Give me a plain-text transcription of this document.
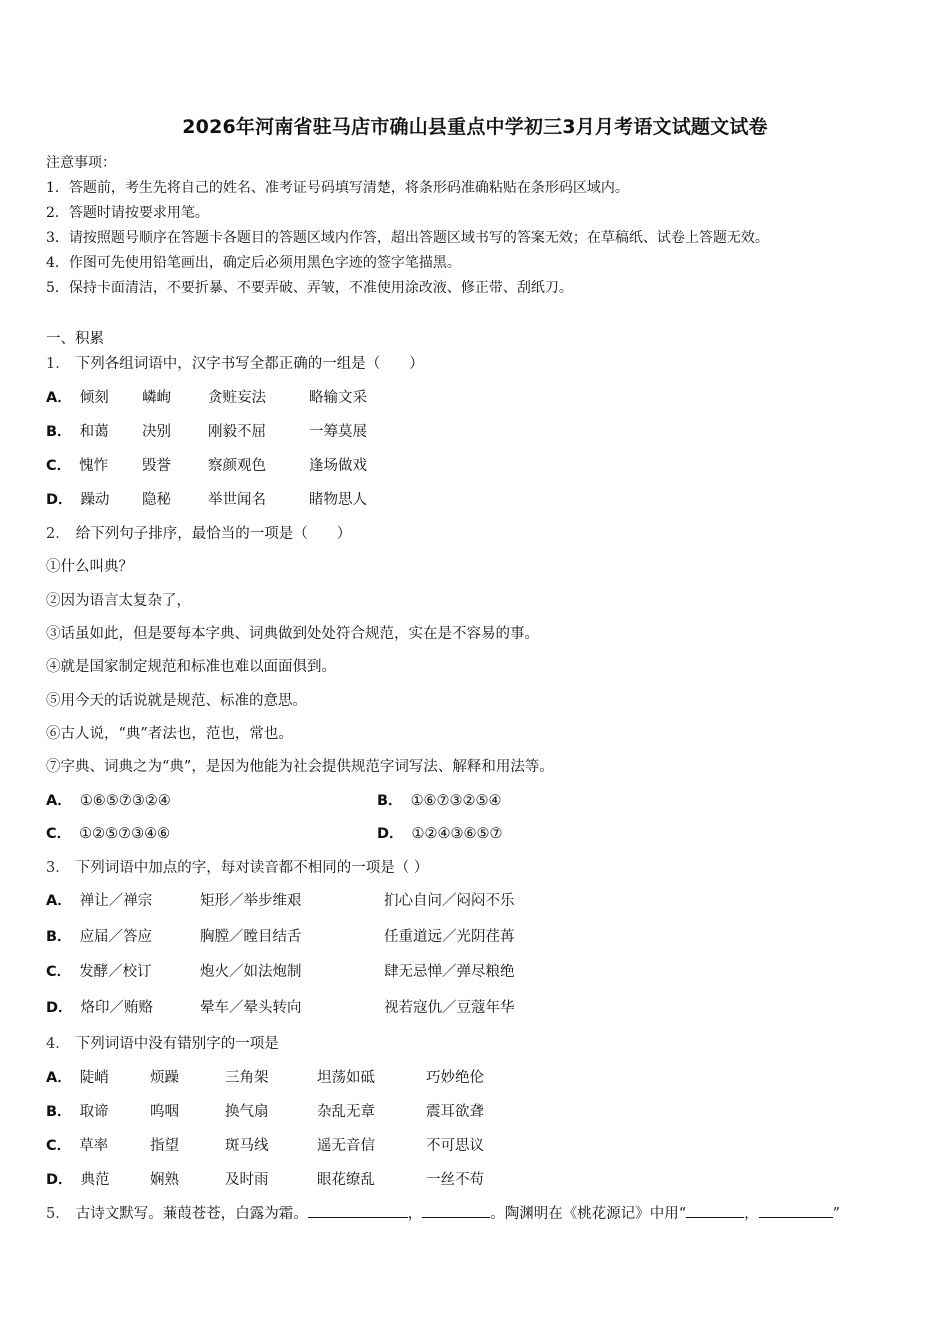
2026年河南省驻马店市确山县重点中学初三3月月考语文试题文试卷
注意事项：
1．答题前，考生先将自己的姓名、准考证号码填写清楚，将条形码准确粘贴在条形码区域内。
2．答题时请按要求用笔。
3．请按照题号顺序在答题卡各题目的答题区域内作答，超出答题区域书写的答案无效；在草稿纸、试卷上答题无效。
4．作图可先使用铅笔画出，确定后必须用黑色字迹的签字笔描黑。
5．保持卡面清洁，不要折暴、不要弄破、弄皱，不准使用涂改液、修正带、刮纸刀。
一、积累
1． 下列各组词语中，汉字书写全都正确的一组是（　　）
A． 倾刻 嶙峋	贪赃妄法	略输文采
B． 和蔼 决别	刚毅不屈	一筹莫展
C． 愧怍 毁誉	察颜观色	逢场做戏
D． 躁动 隐秘	举世闻名	睹物思人
2． 给下列句子排序，最恰当的一项是（　　）
①什么叫典？
②因为语言太复杂了，
③话虽如此，但是要每本字典、词典做到处处符合规范，实在是不容易的事。
④就是国家制定规范和标准也难以面面俱到。
⑤用今天的话说就是规范、标准的意思。
⑥古人说，“典”者法也，范也，常也。
⑦字典、词典之为“典”，是因为他能为社会提供规范字词写法、解释和用法等。
A． ①⑥⑤⑦③②④	B． ①⑥⑦③②⑤④
C． ①②⑤⑦③④⑥	D． ①②④③⑥⑤⑦
3． 下列词语中加点的字，每对读音都不相同的一项是（ ）
A． 禅让／禅宗	矩形／举步维艰	扪心自问／闷闷不乐
B． 应届／答应	胸膛／瞠目结舌	任重道远／光阴荏苒
C． 发酵／校订	炮火／如法炮制	肆无忌惮／弹尽粮绝
D． 烙印／贿赂	晕车／晕头转向	视若寇仇／豆蔻年华
4． 下列词语中没有错别字的一项是
A． 陡峭	烦躁	三角架	坦荡如砥	巧妙绝伦
B． 取谛	呜咽	换气扇	杂乱无章	震耳欲聋
C． 草率	指望	斑马线	遥无音信	不可思议
D． 典范	娴熟	及时雨	眼花缭乱	一丝不苟
5． 古诗文默写。蒹葭苍苍，白露为霜。	，	。陶渊明在《桃花源记》中用“	，	”
